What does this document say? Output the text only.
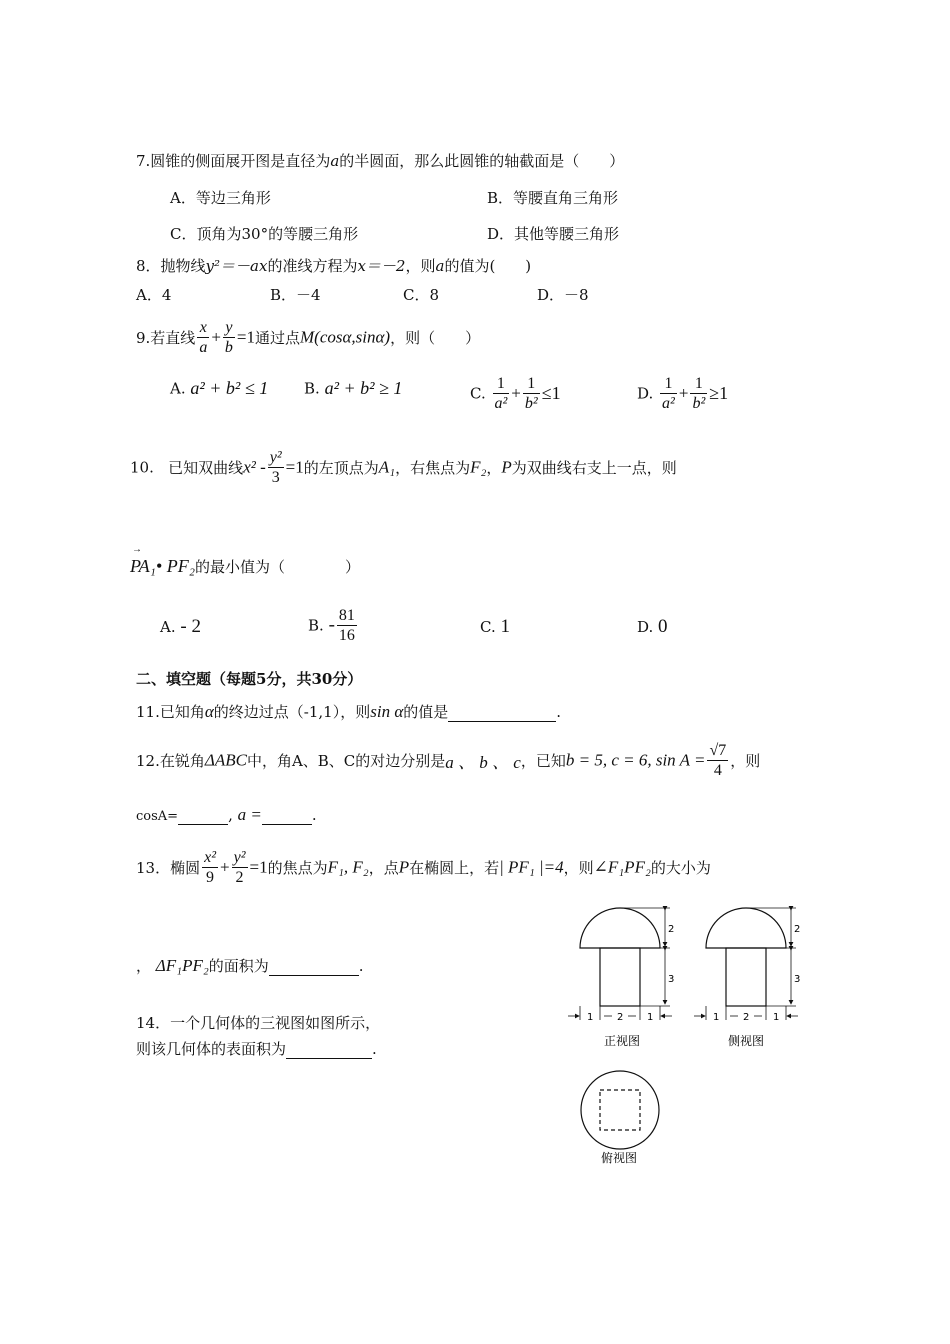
7.圆锥的侧面展开图是直径为a的半圆面，那么此圆锥的轴截面是（　　）
A．等边三角形	B．等腰直角三角形
C．顶角为30°的等腰三角形	D．其他等腰三角形
8．抛物线y²＝－ax的准线方程为x＝－2，则a的值为(　　)
A．4	B．－4	C．8	D．－8
9.若直线 $\frac{x}{a} + \frac{y}{b} =1$通过点M(cosα,sinα)，则（　　）
A. a² + b² ≤ 1 B. a² + b² ≥ 1	C. $\frac{1}{\text{a²}} + \frac{1}{\text{b²}} \le 1$	D. $\frac{1}{\text{a²}} + \frac{1}{\text{b²}} \ge 1$
10. 已知双曲线$x^2 - \frac{\text{y²}}{3} =1$的左顶点为A₁，右焦点为F₂，P为双曲线右支上一点，则
→ PA₁• PF₂的最小值为（　　　　）
A. - 2	B. - $\frac{81}{16}$	C. 1	D. 0
二、填空题（每题5分，共30分）
11.已知角α的终边过点（-1,1），则sin α的值是	.
12.在锐角ΔABC中，角A、B、C的对边分别是a 、 b 、 c，已知b = 5, c = 6, $\sin A = \frac{√7}{4}$ ，则
cosA=	, a =	.
13．椭圆 $\frac{\text{x²}}{9} + \frac{\text{y²}}{2} =1$的焦点为F₁, F₂，点P在椭圆上，若| PF₁ |=4，则∠F₁PF₂的大小为
， ΔF₁PF₂的面积为	.
14．一个几何体的三视图如图所示，
则该几何体的表面积为	.
2
3
1 2 1
正视图
2
3
1 2 1
侧视图
俯视图
